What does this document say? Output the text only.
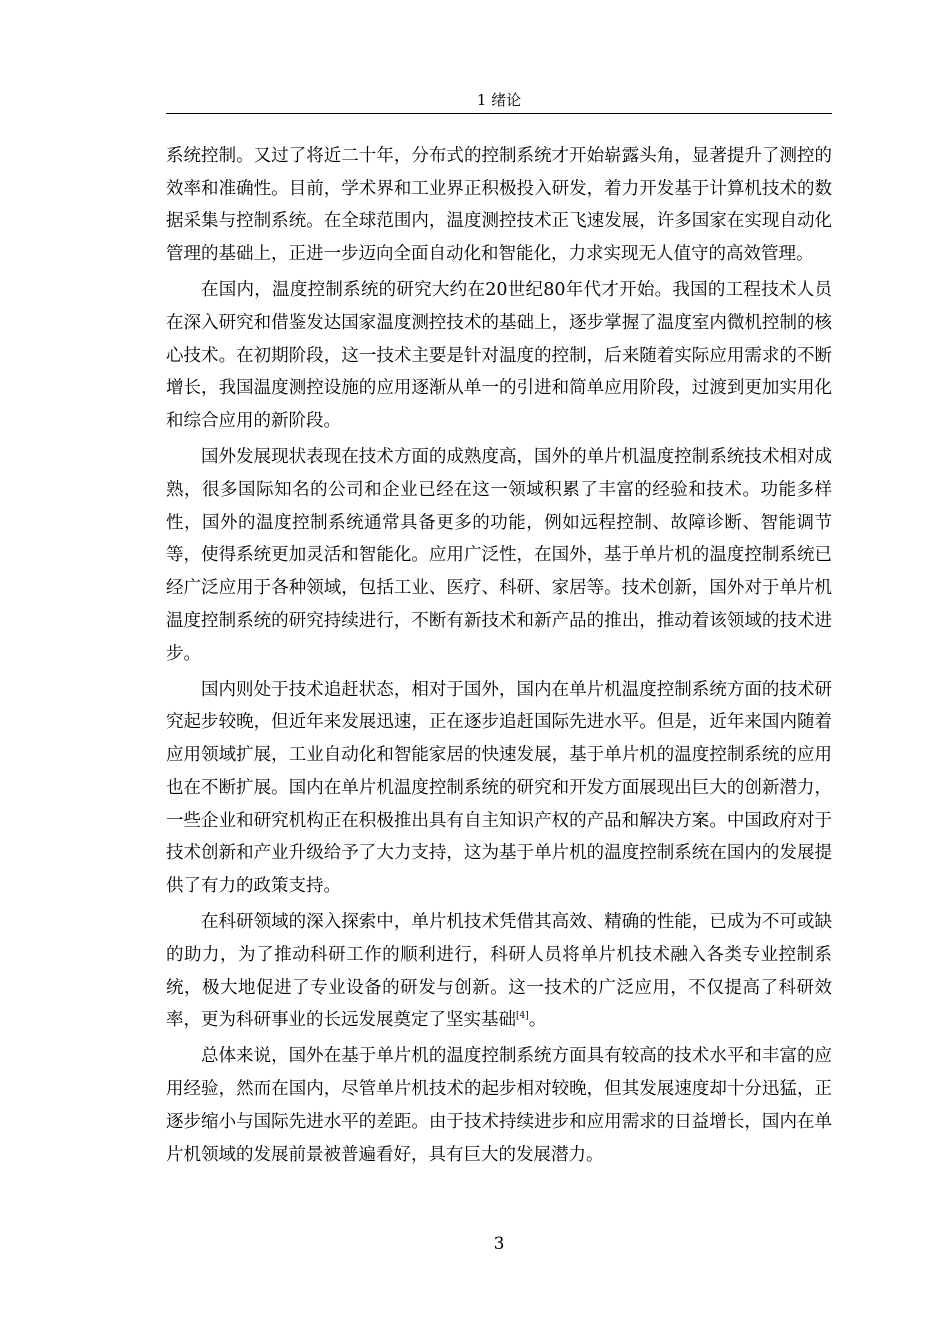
1 绪论

系统控制。又过了将近二十年，分布式的控制系统才开始崭露头角，显著提升了测控的效率和准确性。目前，学术界和工业界正积极投入研发，着力开发基于计算机技术的数据采集与控制系统。在全球范围内，温度测控技术正飞速发展，许多国家在实现自动化管理的基础上，正进一步迈向全面自动化和智能化，力求实现无人值守的高效管理。

在国内，温度控制系统的研究大约在20世纪80年代才开始。我国的工程技术人员在深入研究和借鉴发达国家温度测控技术的基础上，逐步掌握了温度室内微机控制的核心技术。在初期阶段，这一技术主要是针对温度的控制，后来随着实际应用需求的不断增长，我国温度测控设施的应用逐渐从单一的引进和简单应用阶段，过渡到更加实用化和综合应用的新阶段。

国外发展现状表现在技术方面的成熟度高，国外的单片机温度控制系统技术相对成熟，很多国际知名的公司和企业已经在这一领域积累了丰富的经验和技术。功能多样性，国外的温度控制系统通常具备更多的功能，例如远程控制、故障诊断、智能调节等，使得系统更加灵活和智能化。应用广泛性，在国外，基于单片机的温度控制系统已经广泛应用于各种领域，包括工业、医疗、科研、家居等。技术创新，国外对于单片机温度控制系统的研究持续进行，不断有新技术和新产品的推出，推动着该领域的技术进步。

国内则处于技术追赶状态，相对于国外，国内在单片机温度控制系统方面的技术研究起步较晚，但近年来发展迅速，正在逐步追赶国际先进水平。但是，近年来国内随着应用领域扩展，工业自动化和智能家居的快速发展，基于单片机的温度控制系统的应用也在不断扩展。国内在单片机温度控制系统的研究和开发方面展现出巨大的创新潜力，一些企业和研究机构正在积极推出具有自主知识产权的产品和解决方案。中国政府对于技术创新和产业升级给予了大力支持，这为基于单片机的温度控制系统在国内的发展提供了有力的政策支持。

在科研领域的深入探索中，单片机技术凭借其高效、精确的性能，已成为不可或缺的助力，为了推动科研工作的顺利进行，科研人员将单片机技术融入各类专业控制系统，极大地促进了专业设备的研发与创新。这一技术的广泛应用，不仅提高了科研效率，更为科研事业的长远发展奠定了坚实基础[4]。

总体来说，国外在基于单片机的温度控制系统方面具有较高的技术水平和丰富的应用经验，然而在国内，尽管单片机技术的起步相对较晚，但其发展速度却十分迅猛，正逐步缩小与国际先进水平的差距。由于技术持续进步和应用需求的日益增长，国内在单片机领域的发展前景被普遍看好，具有巨大的发展潜力。

3
